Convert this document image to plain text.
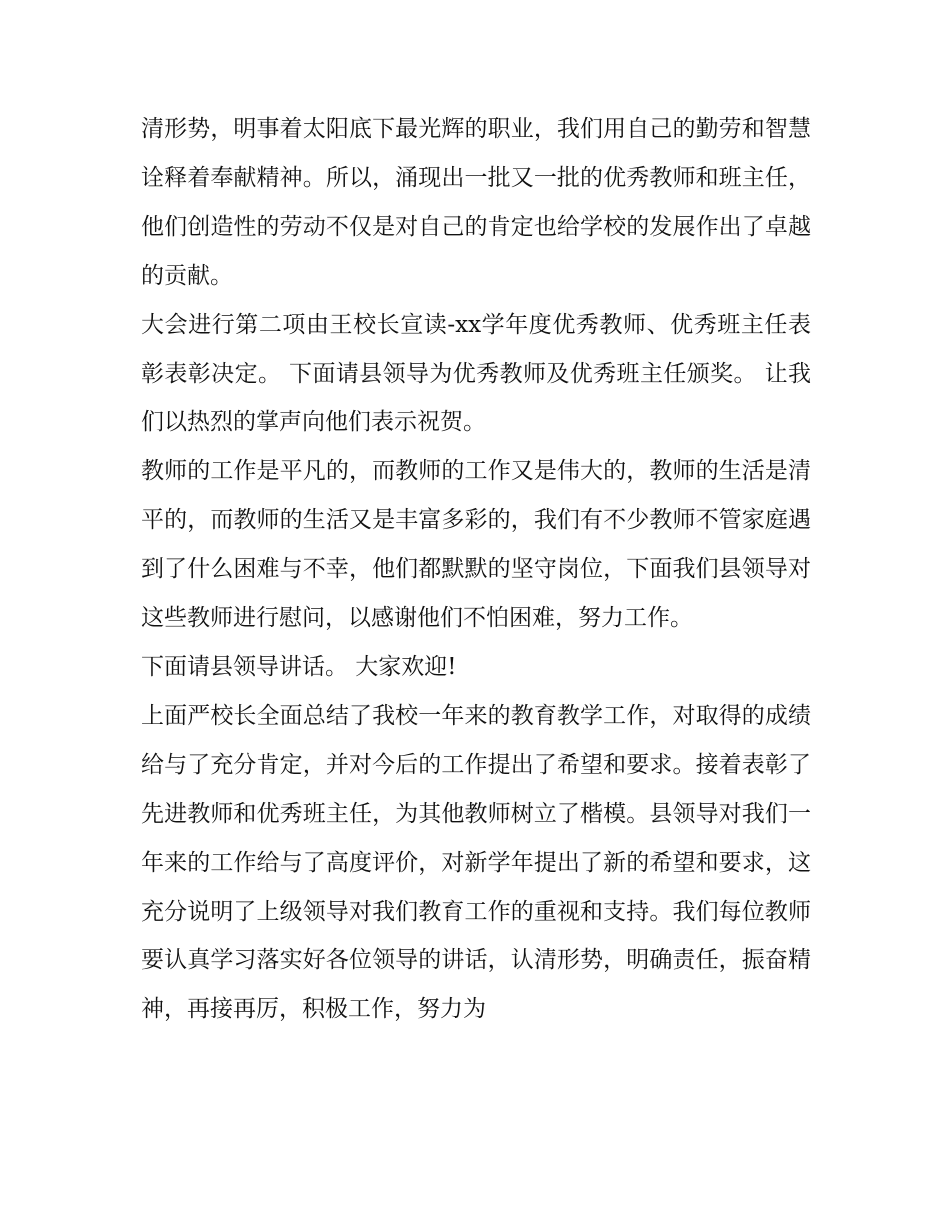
清形势，明事着太阳底下最光辉的职业，我们用自己的勤劳和智慧诠释着奉献精神。所以，涌现出一批又一批的优秀教师和班主任，他们创造性的劳动不仅是对自己的肯定也给学校的发展作出了卓越的贡献。

大会进行第二项由王校长宣读-xx学年度优秀教师、优秀班主任表彰表彰决定。 下面请县领导为优秀教师及优秀班主任颁奖。 让我们以热烈的掌声向他们表示祝贺。

教师的工作是平凡的，而教师的工作又是伟大的，教师的生活是清平的，而教师的生活又是丰富多彩的，我们有不少教师不管家庭遇到了什么困难与不幸，他们都默默的坚守岗位，下面我们县领导对这些教师进行慰问，以感谢他们不怕困难，努力工作。

下面请县领导讲话。 大家欢迎!

上面严校长全面总结了我校一年来的教育教学工作，对取得的成绩给与了充分肯定，并对今后的工作提出了希望和要求。接着表彰了先进教师和优秀班主任，为其他教师树立了楷模。县领导对我们一年来的工作给与了高度评价，对新学年提出了新的希望和要求，这充分说明了上级领导对我们教育工作的重视和支持。我们每位教师要认真学习落实好各位领导的讲话，认清形势，明确责任，振奋精神，再接再厉，积极工作，努力为
